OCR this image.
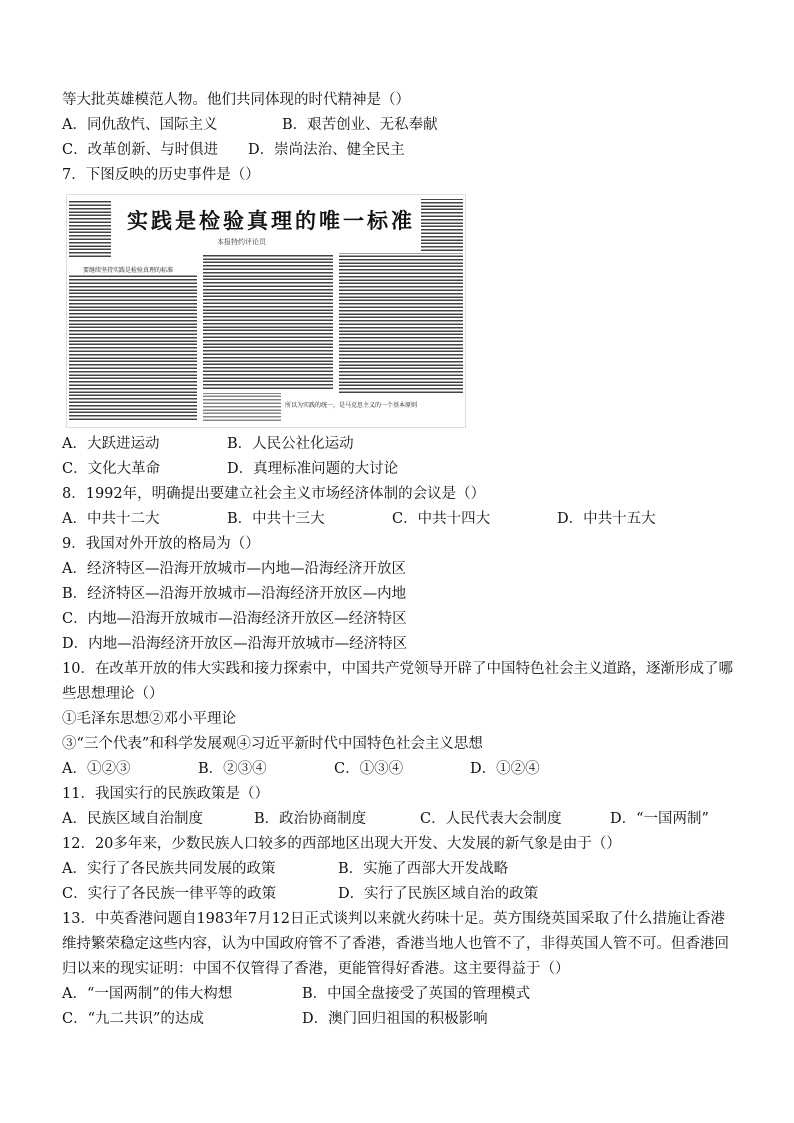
等大批英雄模范人物。他们共同体现的时代精神是（）
A．同仇敌忾、国际主义	B．艰苦创业、无私奉献
C．改革创新、与时俱进	D．崇尚法治、健全民主
7．下图反映的历史事件是（）
实践是检验真理的唯一标准
本报特约评论员
要继续坚持实践是检验真理的标准
所以为实践的统一，是马克思主义的一个基本原则
A．大跃进运动	B．人民公社化运动
C．文化大革命	D．真理标准问题的大讨论
8．1992年，明确提出要建立社会主义市场经济体制的会议是（）
A．中共十二大	B．中共十三大	C．中共十四大	D．中共十五大
9．我国对外开放的格局为（）
A．经济特区—沿海开放城市—内地—沿海经济开放区
B．经济特区—沿海开放城市—沿海经济开放区—内地
C．内地—沿海开放城市—沿海经济开放区—经济特区
D．内地—沿海经济开放区—沿海开放城市—经济特区
10．在改革开放的伟大实践和接力探索中，中国共产党领导开辟了中国特色社会主义道路，逐渐形成了哪些思想理论（）
①毛泽东思想②邓小平理论
③“三个代表”和科学发展观④习近平新时代中国特色社会主义思想
A．①②③	B．②③④	C．①③④	D．①②④
11．我国实行的民族政策是（）
A．民族区域自治制度	B．政治协商制度	C．人民代表大会制度	D．“一国两制”
12．20多年来，少数民族人口较多的西部地区出现大开发、大发展的新气象是由于（）
A．实行了各民族共同发展的政策	B．实施了西部大开发战略
C．实行了各民族一律平等的政策	D．实行了民族区域自治的政策
13．中英香港问题自1983年7月12日正式谈判以来就火药味十足。英方围绕英国采取了什么措施让香港维持繁荣稳定这些内容，认为中国政府管不了香港，香港当地人也管不了，非得英国人管不可。但香港回归以来的现实证明：中国不仅管得了香港，更能管得好香港。这主要得益于（）
A．“一国两制”的伟大构想	B．中国全盘接受了英国的管理模式
C．“九二共识”的达成	D．澳门回归祖国的积极影响
